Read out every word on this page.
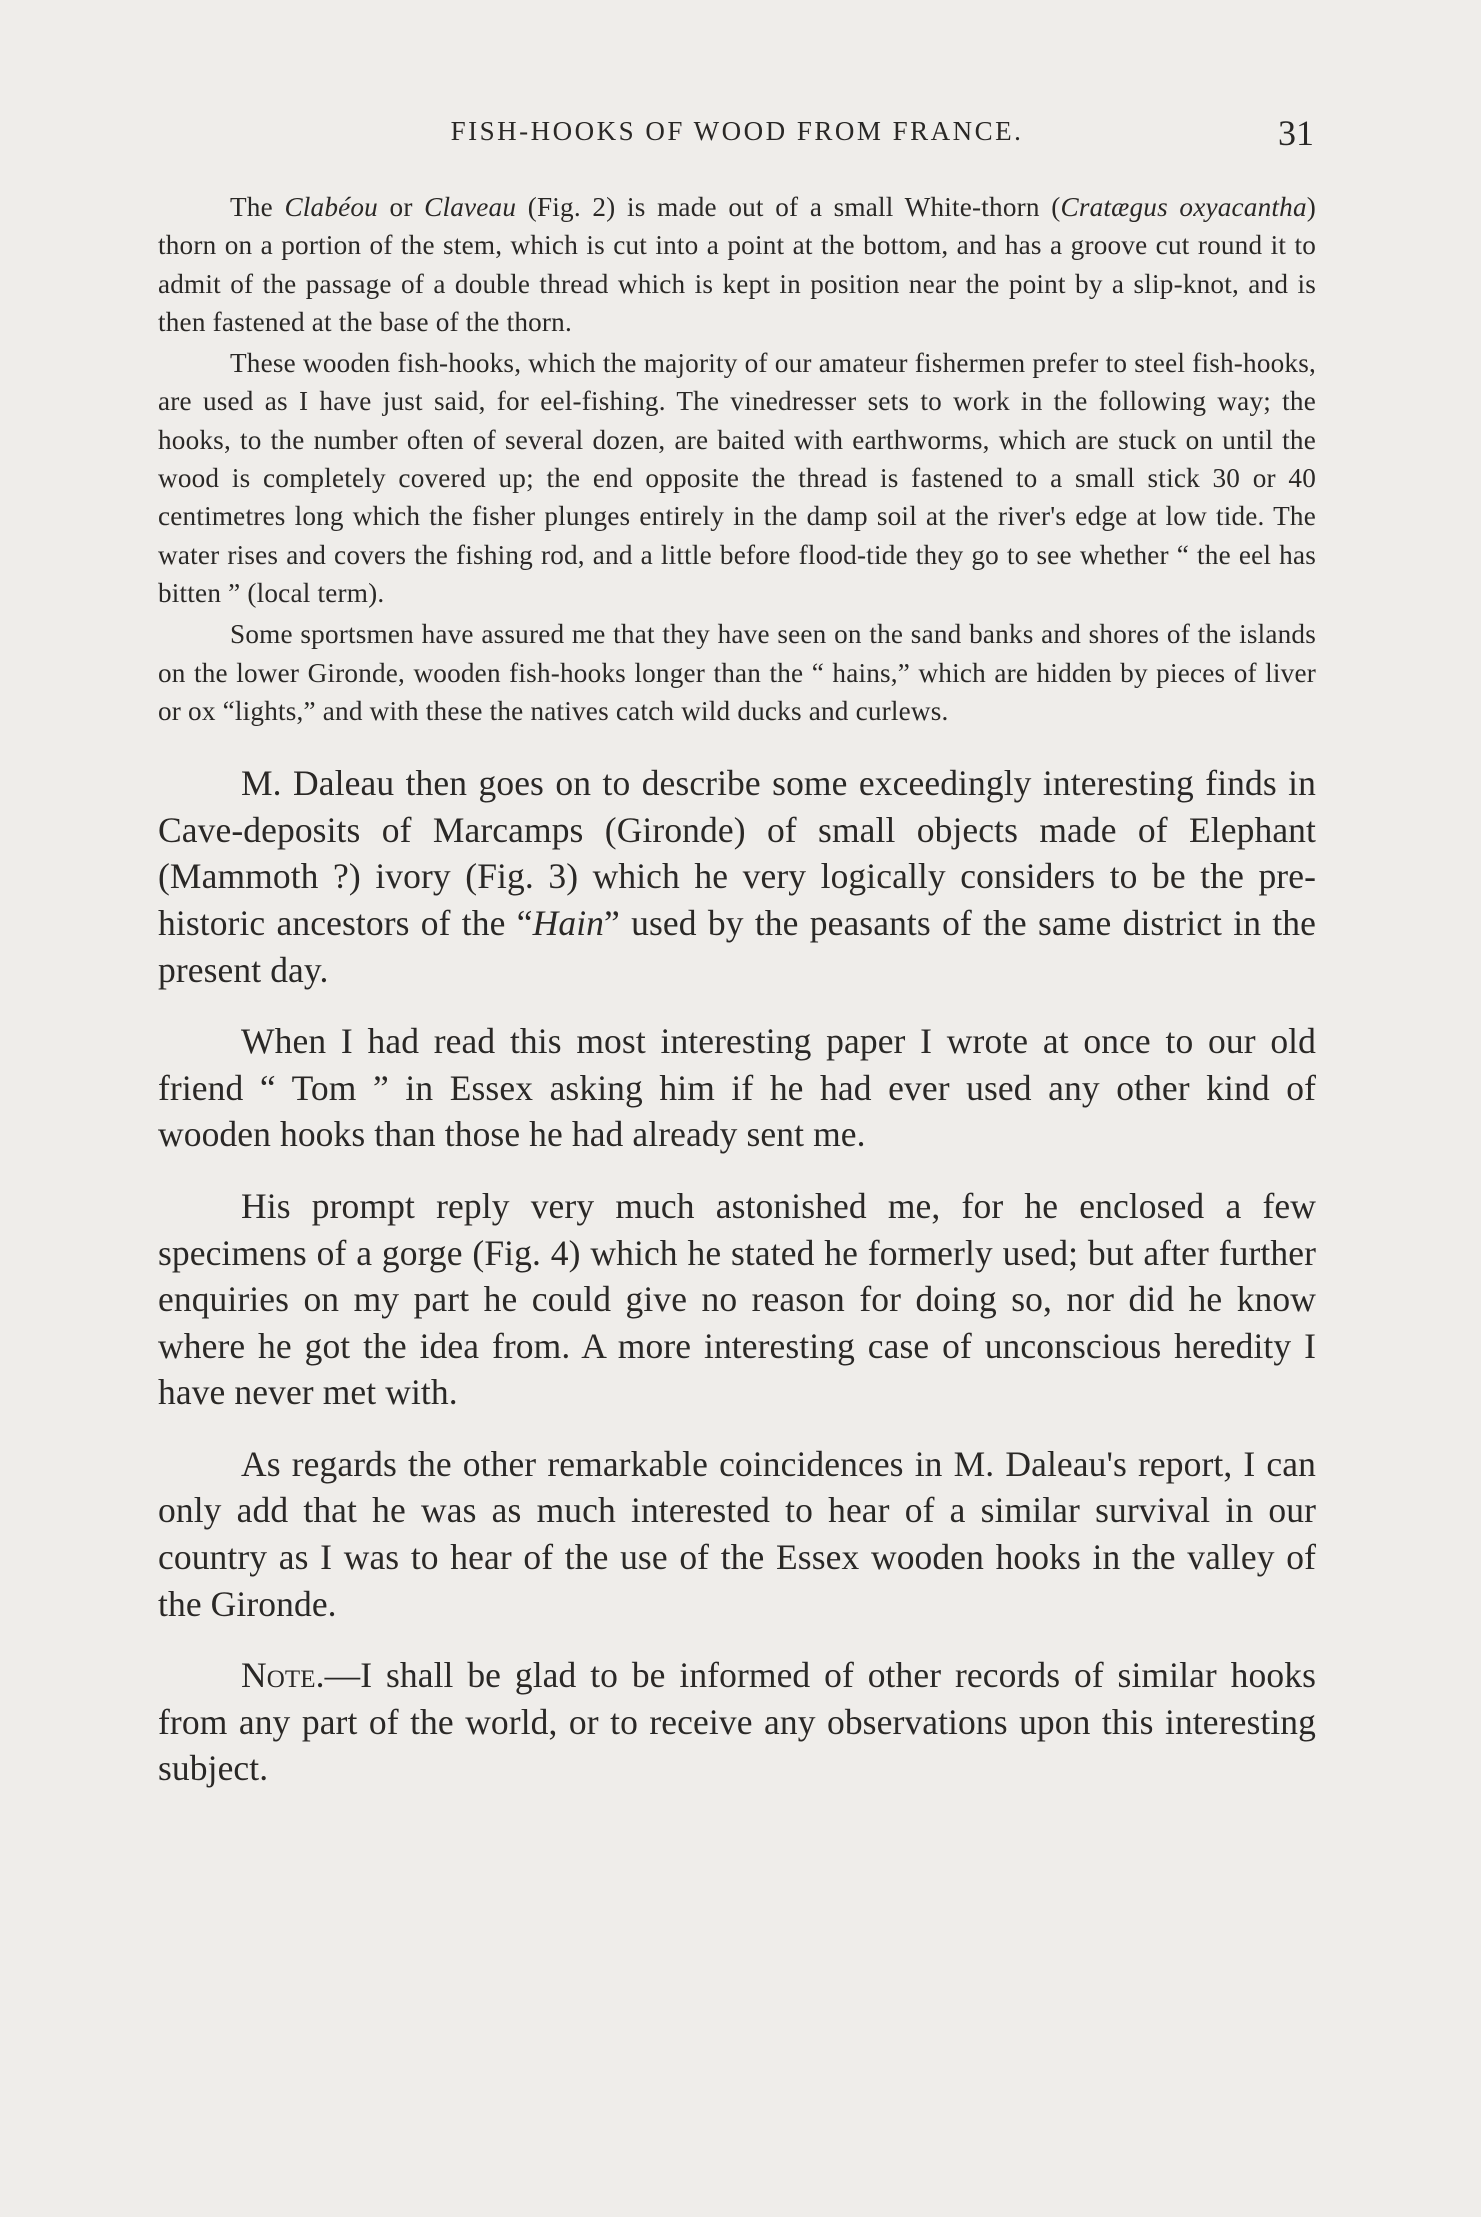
FISH-HOOKS OF WOOD FROM FRANCE.	31

The Clabéou or Claveau (Fig. 2) is made out of a small White-thorn (Cratægus oxyacantha) thorn on a portion of the stem, which is cut into a point at the bottom, and has a groove cut round it to admit of the passage of a double thread which is kept in position near the point by a slip-knot, and is then fastened at the base of the thorn.

These wooden fish-hooks, which the majority of our amateur fishermen prefer to steel fish-hooks, are used as I have just said, for eel-fishing. The vinedresser sets to work in the following way; the hooks, to the number often of several dozen, are baited with earthworms, which are stuck on until the wood is completely covered up; the end opposite the thread is fastened to a small stick 30 or 40 centimetres long which the fisher plunges entirely in the damp soil at the river's edge at low tide. The water rises and covers the fishing rod, and a little before flood-tide they go to see whether “ the eel has bitten ” (local term).

Some sportsmen have assured me that they have seen on the sand banks and shores of the islands on the lower Gironde, wooden fish-hooks longer than the “ hains,” which are hidden by pieces of liver or ox “lights,” and with these the natives catch wild ducks and curlews.

M. Daleau then goes on to describe some exceedingly interesting finds in Cave-deposits of Marcamps (Gironde) of small objects made of Elephant (Mammoth ?) ivory (Fig. 3) which he very logically considers to be the pre-historic ancestors of the “Hain” used by the peasants of the same district in the present day.

When I had read this most interesting paper I wrote at once to our old friend “ Tom ” in Essex asking him if he had ever used any other kind of wooden hooks than those he had already sent me.

His prompt reply very much astonished me, for he enclosed a few specimens of a gorge (Fig. 4) which he stated he formerly used; but after further enquiries on my part he could give no reason for doing so, nor did he know where he got the idea from. A more interesting case of unconscious heredity I have never met with.

As regards the other remarkable coincidences in M. Daleau's report, I can only add that he was as much interested to hear of a similar survival in our country as I was to hear of the use of the Essex wooden hooks in the valley of the Gironde.

Note.—I shall be glad to be informed of other records of similar hooks from any part of the world, or to receive any observations upon this interesting subject.
